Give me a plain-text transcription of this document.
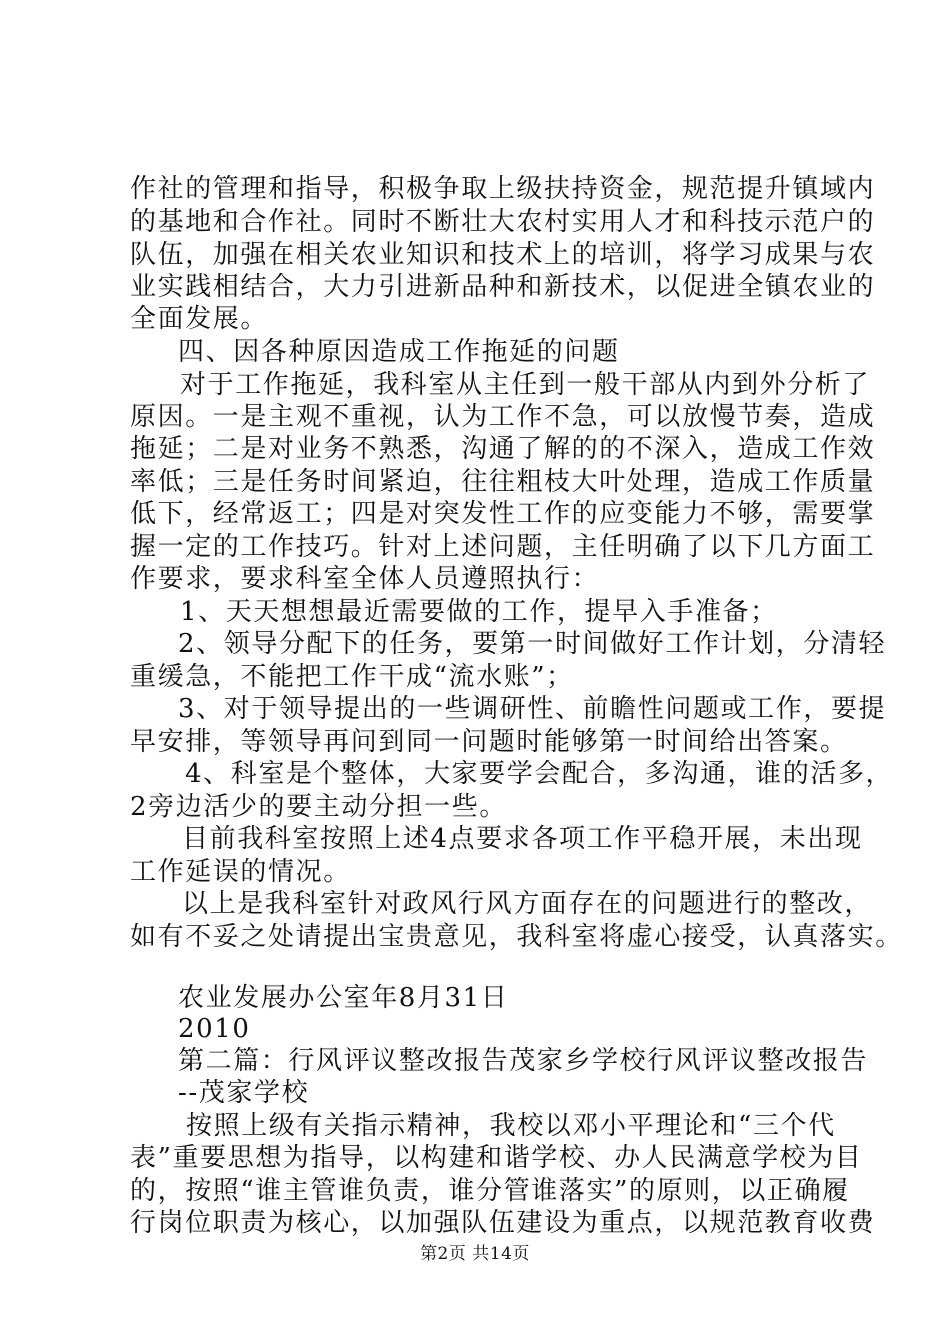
作社的管理和指导，积极争取上级扶持资金，规范提升镇域内
的基地和合作社。同时不断壮大农村实用人才和科技示范户的
队伍，加强在相关农业知识和技术上的培训，将学习成果与农
业实践相结合，大力引进新品种和新技术，以促进全镇农业的
全面发展。
四、因各种原因造成工作拖延的问题
对于工作拖延，我科室从主任到一般干部从内到外分析了
原因。一是主观不重视，认为工作不急，可以放慢节奏，造成
拖延；二是对业务不熟悉，沟通了解的的不深入，造成工作效
率低；三是任务时间紧迫，往往粗枝大叶处理，造成工作质量
低下，经常返工；四是对突发性工作的应变能力不够，需要掌
握一定的工作技巧。针对上述问题，主任明确了以下几方面工
作要求，要求科室全体人员遵照执行：
1、天天想想最近需要做的工作，提早入手准备；
2、领导分配下的任务，要第一时间做好工作计划，分清轻
重缓急，不能把工作干成“流水账”；
3、对于领导提出的一些调研性、前瞻性问题或工作，要提
早安排，等领导再问到同一问题时能够第一时间给出答案。
4、科室是个整体，大家要学会配合，多沟通，谁的活多，
2旁边活少的要主动分担一些。
目前我科室按照上述4点要求各项工作平稳开展，未出现
工作延误的情况。
以上是我科室针对政风行风方面存在的问题进行的整改，
如有不妥之处请提出宝贵意见，我科室将虚心接受，认真落实。
农业发展办公室年8月31日
2010
第二篇：行风评议整改报告茂家乡学校行风评议整改报告
--茂家学校
按照上级有关指示精神，我校以邓小平理论和“三个代
表”重要思想为指导，以构建和谐学校、办人民满意学校为目
的，按照“谁主管谁负责，谁分管谁落实”的原则，以正确履
行岗位职责为核心，以加强队伍建设为重点，以规范教育收费
第2页 共14页
